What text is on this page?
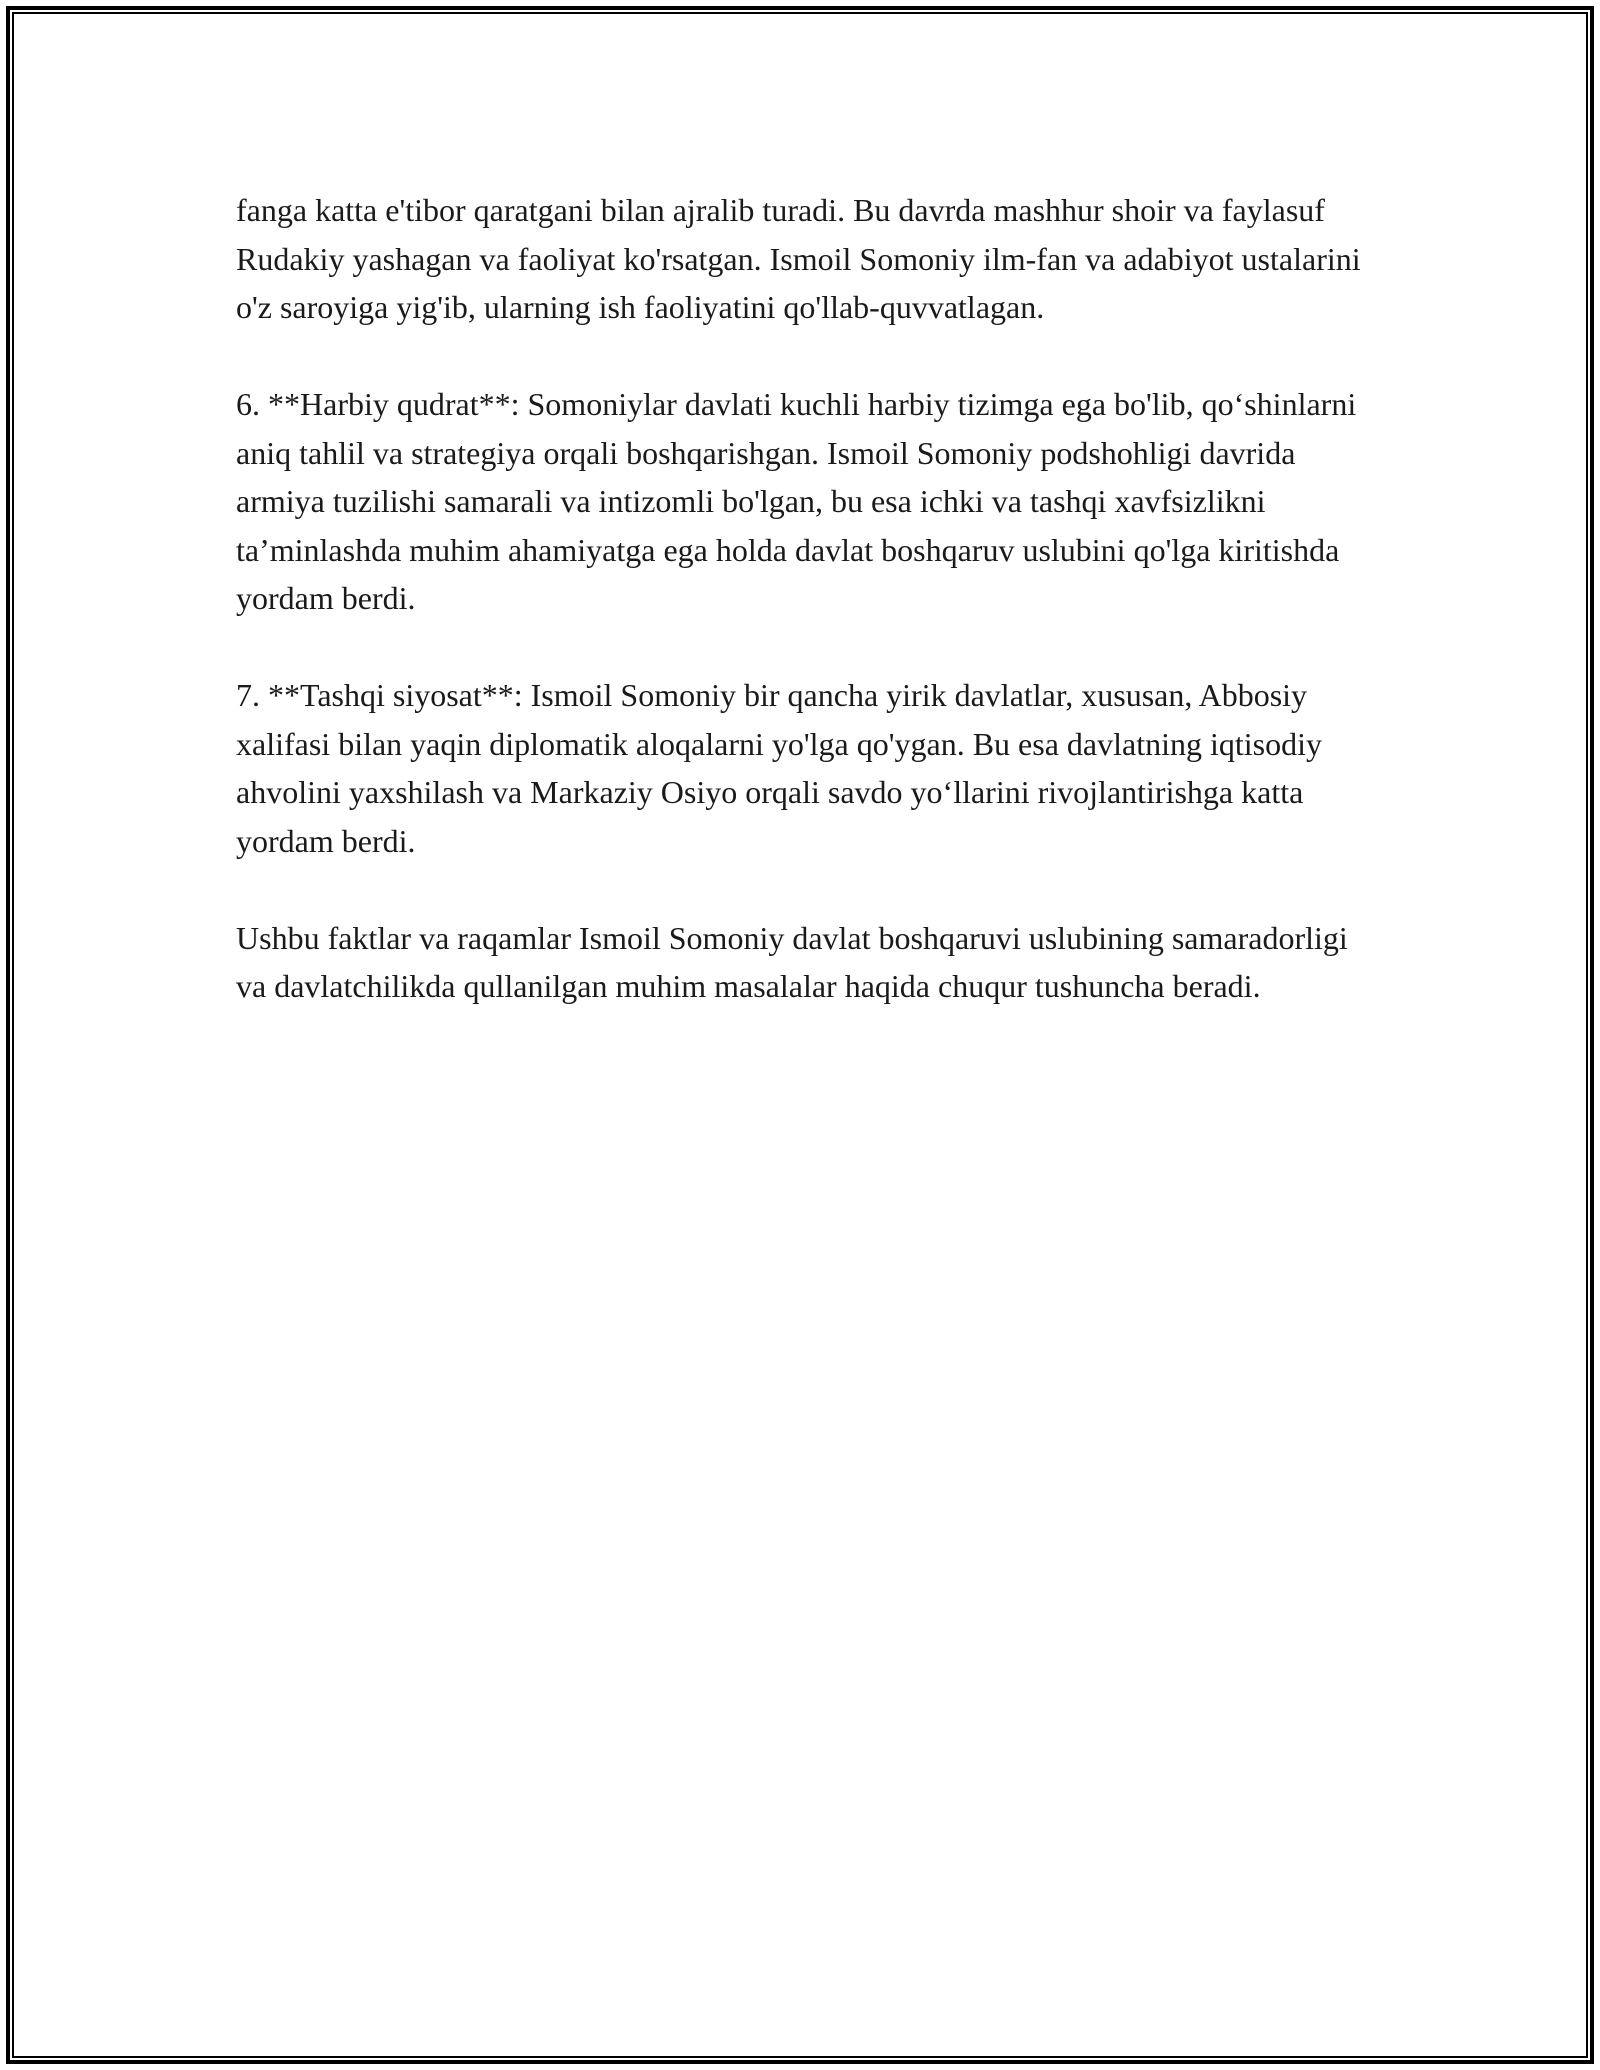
fanga katta e'tibor qaratgani bilan ajralib turadi. Bu davrda mashhur shoir va faylasuf Rudakiy yashagan va faoliyat ko'rsatgan. Ismoil Somoniy ilm-fan va adabiyot ustalarini o'z saroyiga yig'ib, ularning ish faoliyatini qo'llab-quvvatlagan.

6. **Harbiy qudrat**: Somoniylar davlati kuchli harbiy tizimga ega bo'lib, qo‘shinlarni aniq tahlil va strategiya orqali boshqarishgan. Ismoil Somoniy podshohligi davrida armiya tuzilishi samarali va intizomli bo'lgan, bu esa ichki va tashqi xavfsizlikni ta’minlashda muhim ahamiyatga ega holda davlat boshqaruv uslubini qo'lga kiritishda yordam berdi.

7. **Tashqi siyosat**: Ismoil Somoniy bir qancha yirik davlatlar, xususan, Abbosiy xalifasi bilan yaqin diplomatik aloqalarni yo'lga qo'ygan. Bu esa davlatning iqtisodiy ahvolini yaxshilash va Markaziy Osiyo orqali savdo yo‘llarini rivojlantirishga katta yordam berdi.

Ushbu faktlar va raqamlar Ismoil Somoniy davlat boshqaruvi uslubining samaradorligi va davlatchilikda qullanilgan muhim masalalar haqida chuqur tushuncha beradi.
